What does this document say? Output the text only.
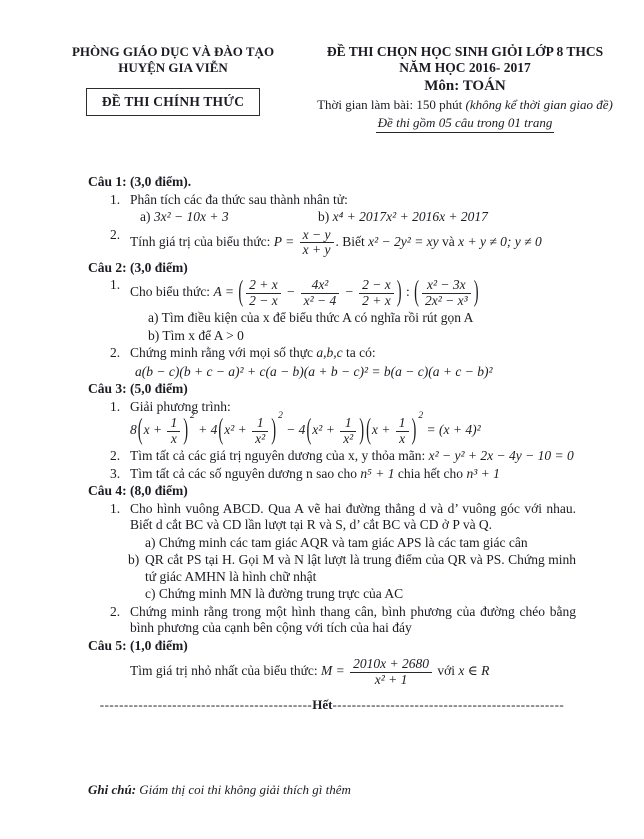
PHÒNG GIÁO DỤC VÀ ĐÀO TẠO
HUYỆN GIA VIỄN
ĐỀ THI CHÍNH THỨC
ĐỀ THI CHỌN HỌC SINH GIỎI LỚP 8 THCS
NĂM HỌC 2016- 2017
Môn: TOÁN
Thời gian làm bài: 150 phút (không kể thời gian giao đề)
Đề thi gồm 05 câu trong 01 trang
Câu 1: (3,0 điểm).
1. Phân tích các đa thức sau thành nhân tử:
a) 3x² − 10x + 3	b) x⁴ + 2017x² + 2016x + 2017
2. Tính giá trị của biểu thức: $P = \frac{x - y}{x + y}$ . Biết x² − 2y² = xy và x + y ≠ 0; y ≠ 0
Câu 2: (3,0 điểm)
1. Cho biểu thức: A = ( $\frac{2 + x}{2 - x} - \frac{\text{4x²}}{\text{x² − 4}} - \frac{2 - x}{2 + x}$ ) : ( $\frac{\text{x² − 3x}}{\text{2x² − x³}}$ )
a) Tìm điều kiện của x để biểu thức A có nghĩa rồi rút gọn A
b) Tìm x để A > 0
2. Chứng minh rằng với mọi số thực a,b,c ta có:
a(b − c)(b + c − a)² + c(a − b)(a + b − c)² = b(a − c)(a + c − b)²
Câu 3: (5,0 điểm)
1. Giải phương trình: $8(x + \frac{1}{x}$ ) $2 + 4(x^2 + \frac{1}{\text{x²}}$ ) $2 - 4(x^2 + \frac{1}{\text{x²}}$ ) ($x + \frac{1}{x}$ ) 2 = (x + 4)²
2. Tìm tất cả các giá trị nguyên dương của x, y thỏa mãn: x² − y² + 2x − 4y − 10 = 0
3. Tìm tất cả các số nguyên dương n sao cho n⁵ + 1 chia hết cho n³ + 1
Câu 4: (8,0 điểm)
1. Cho hình vuông ABCD. Qua A vẽ hai đường thẳng d và d’ vuông góc với nhau. Biết d cắt BC và CD lần lượt tại R và S, d’ cắt BC và CD ở P và Q.
a) Chứng minh các tam giác AQR và tam giác APS là các tam giác cân
b) QR cắt PS tại H. Gọi M và N lật lượt là trung điểm của QR và PS. Chứng minh tứ giác AMHN là hình chữ nhật
c) Chứng minh MN là đường trung trực của AC
2. Chứng minh rằng trong một hình thang cân, bình phương của đường chéo bằng bình phương của cạnh bên cộng với tích của hai đáy
Câu 5: (1,0 điểm)
Tìm giá trị nhỏ nhất của biểu thức: $M = \frac{2010x + 2680}{\text{x² + 1}}$ với x ∈ R
--------------------------------------------Hết------------------------------------------------
Ghi chú: Giám thị coi thi không giải thích gì thêm
